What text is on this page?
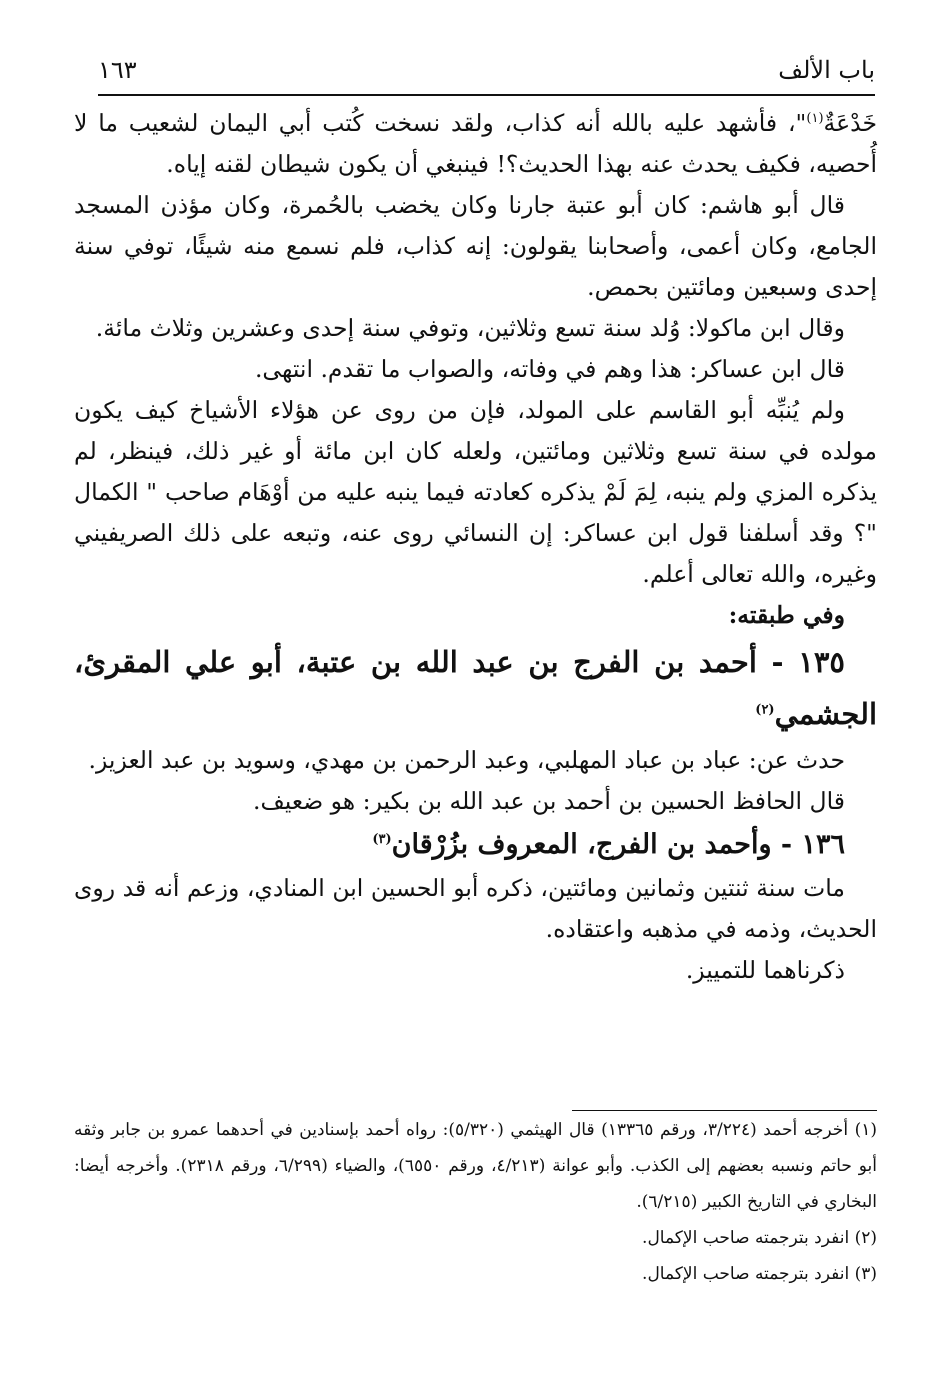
باب الألف
١٦٣

خَدْعَةٌ$^{(١)}$"، فأشهد عليه بالله أنه كذاب، ولقد نسخت كُتب أبي اليمان لشعيب ما لا أُحصيه، فكيف يحدث عنه بهذا الحديث؟! فينبغي أن يكون شيطان لقنه إياه.

قال أبو هاشم: كان أبو عتبة جارنا وكان يخضب بالحُمرة، وكان مؤذن المسجد الجامع، وكان أعمى، وأصحابنا يقولون: إنه كذاب، فلم نسمع منه شيئًا، توفي سنة إحدى وسبعين ومائتين بحمص.

وقال ابن ماكولا: وُلد سنة تسع وثلاثين، وتوفي سنة إحدى وعشرين وثلاث مائة.

قال ابن عساكر: هذا وهم في وفاته، والصواب ما تقدم. انتهى.

ولم يُنبِّه أبو القاسم على المولد، فإن من روى عن هؤلاء الأشياخ كيف يكون مولده في سنة تسع وثلاثين ومائتين، ولعله كان ابن مائة أو غير ذلك، فينظر، لم يذكره المزي ولم ينبه، لِمَ لَمْ يذكره كعادته فيما ينبه عليه من أوْهَام صاحب " الكمال "؟ وقد أسلفنا قول ابن عساكر: إن النسائي روى عنه، وتبعه على ذلك الصريفيني وغيره، والله تعالى أعلم.

وفي طبقته:

١٣٥ - أحمد بن الفرج بن عبد الله بن عتبة، أبو علي المقرئ، الجشمي$^{(٢)}$

حدث عن: عباد بن عباد المهلبي، وعبد الرحمن بن مهدي، وسويد بن عبد العزيز.

قال الحافظ الحسين بن أحمد بن عبد الله بن بكير: هو ضعيف.

١٣٦ - وأحمد بن الفرج، المعروف بزُرْقان$^{(٣)}$

مات سنة ثنتين وثمانين ومائتين، ذكره أبو الحسين ابن المنادي، وزعم أنه قد روى الحديث، وذمه في مذهبه واعتقاده.

ذكرناهما للتمييز.

(١) أخرجه أحمد (٣/٢٢٤، ورقم ١٣٣٦٥) قال الهيثمي (٥/٣٢٠): رواه أحمد بإسنادين في أحدهما عمرو بن جابر وثقه أبو حاتم ونسبه بعضهم إلى الكذب. وأبو عوانة (٤/٢١٣، ورقم ٦٥٥٠)، والضياء (٦/٢٩٩، ورقم ٢٣١٨). وأخرجه أيضا: البخاري في التاريخ الكبير (٦/٢١٥).

(٢) انفرد بترجمته صاحب الإكمال.

(٣) انفرد بترجمته صاحب الإكمال.
